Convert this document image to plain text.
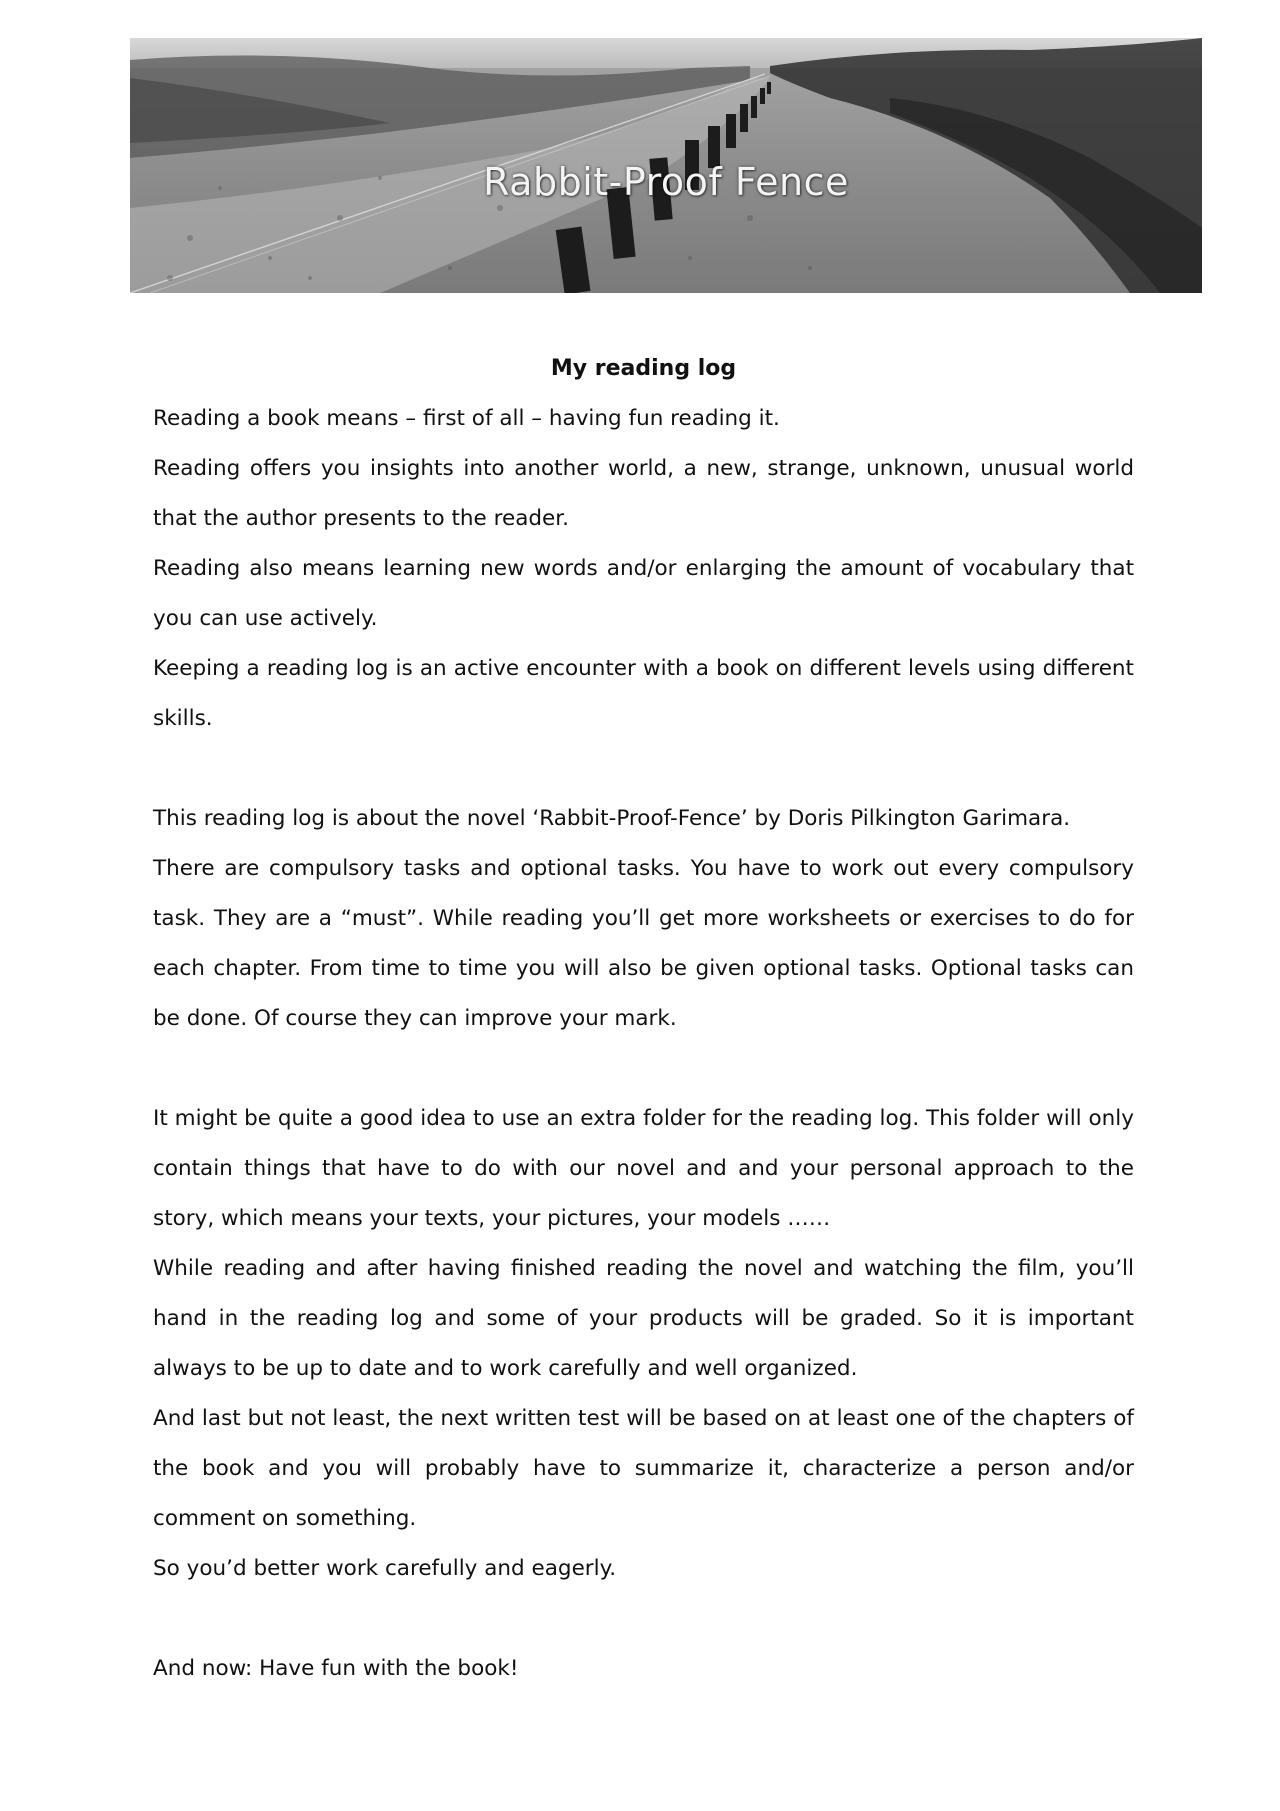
Rabbit-Proof Fence
My reading log

Reading a book means – first of all – having fun reading it.

Reading offers you insights into another world, a new, strange, unknown, unusual world that the author presents to the reader.

Reading also means learning new words and/or enlarging the amount of vocabulary that you can use actively.

Keeping a reading log is an active encounter with a book on different levels using different skills.

This reading log is about the novel ‘Rabbit-Proof-Fence’ by Doris Pilkington Garimara.

There are compulsory tasks and optional tasks. You have to work out every compulsory task. They are a “must”. While reading you’ll get more worksheets or exercises to do for each chapter. From time to time you will also be given optional tasks. Optional tasks can be done. Of course they can improve your mark.

It might be quite a good idea to use an extra folder for the reading log. This folder will only contain things that have to do with our novel and and your personal approach to the story, which means your texts, your pictures, your models ……

While reading and after having finished reading the novel and watching the film, you’ll hand in the reading log and some of your products will be graded. So it is important always to be up to date and to work carefully and well organized.

And last but not least, the next written test will be based on at least one of the chapters of the book and you will probably have to summarize it, characterize a person and/or comment on something.

So you’d better work carefully and eagerly.

And now: Have fun with the book!
